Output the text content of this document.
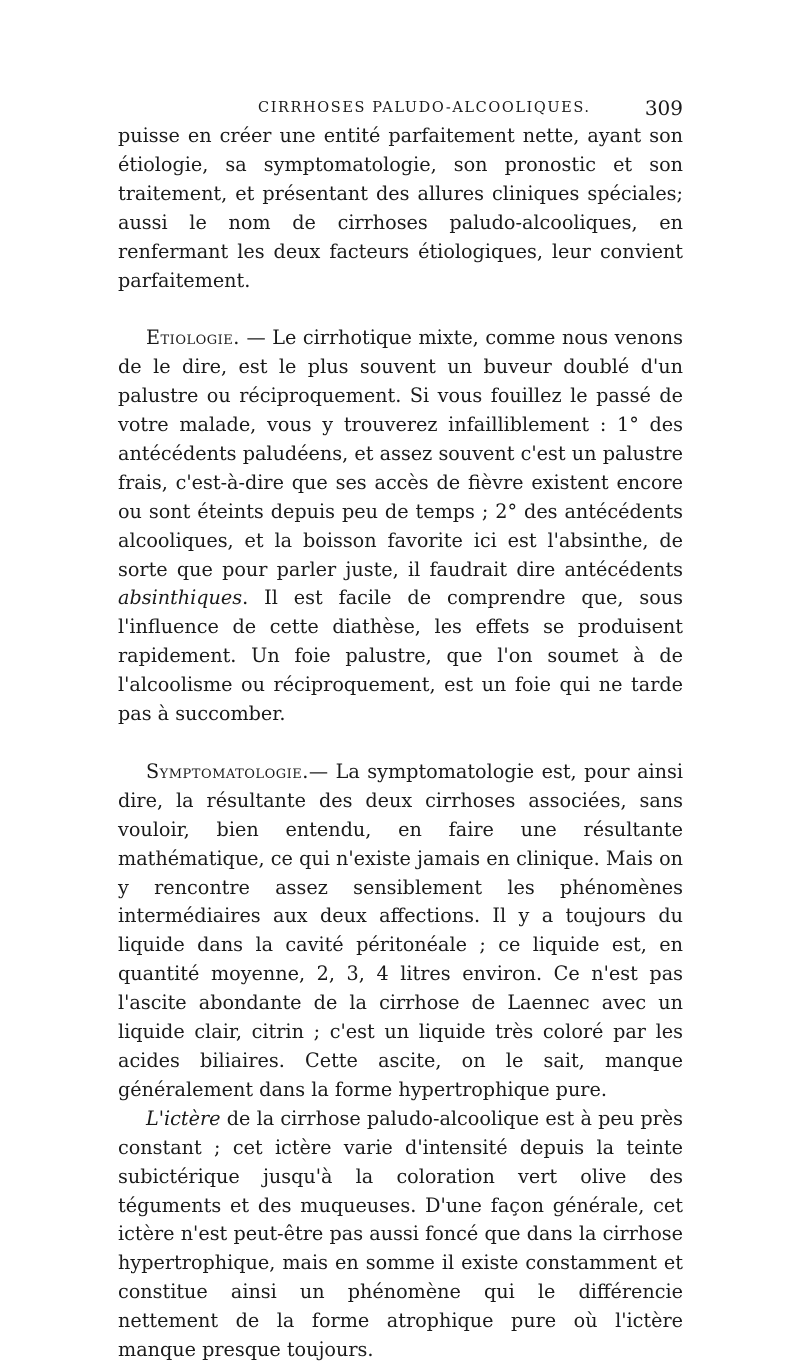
CIRRHOSES PALUDO-ALCOOLIQUES.	309

puisse en créer une entité parfaitement nette, ayant son étiologie, sa symptomatologie, son pronostic et son traitement, et présentant des allures cliniques spéciales; aussi le nom de cirrhoses paludo-alcooliques, en renfermant les deux facteurs étiologiques, leur convient parfaitement.

Etiologie. — Le cirrhotique mixte, comme nous venons de le dire, est le plus souvent un buveur doublé d'un palustre ou réciproquement. Si vous fouillez le passé de votre malade, vous y trouverez infailliblement : 1° des antécédents paludéens, et assez souvent c'est un palustre frais, c'est-à-dire que ses accès de fièvre existent encore ou sont éteints depuis peu de temps ; 2° des antécédents alcooliques, et la boisson favorite ici est l'absinthe, de sorte que pour parler juste, il faudrait dire antécédents absinthiques. Il est facile de comprendre que, sous l'influence de cette diathèse, les effets se produisent rapidement. Un foie palustre, que l'on soumet à de l'alcoolisme ou réciproquement, est un foie qui ne tarde pas à succomber.

Symptomatologie.— La symptomatologie est, pour ainsi dire, la résultante des deux cirrhoses associées, sans vouloir, bien entendu, en faire une résultante mathématique, ce qui n'existe jamais en clinique. Mais on y rencontre assez sensiblement les phénomènes intermédiaires aux deux affections. Il y a toujours du liquide dans la cavité péritonéale ; ce liquide est, en quantité moyenne, 2, 3, 4 litres environ. Ce n'est pas l'ascite abondante de la cirrhose de Laennec avec un liquide clair, citrin ; c'est un liquide très coloré par les acides biliaires. Cette ascite, on le sait, manque généralement dans la forme hypertrophique pure.

L'ictère de la cirrhose paludo-alcoolique est à peu près constant ; cet ictère varie d'intensité depuis la teinte subictérique jusqu'à la coloration vert olive des téguments et des muqueuses. D'une façon générale, cet ictère n'est peut-être pas aussi foncé que dans la cirrhose hypertrophique, mais en somme il existe constamment et constitue ainsi un phénomène qui le différencie nettement de la forme atrophique pure où l'ictère manque presque toujours.
